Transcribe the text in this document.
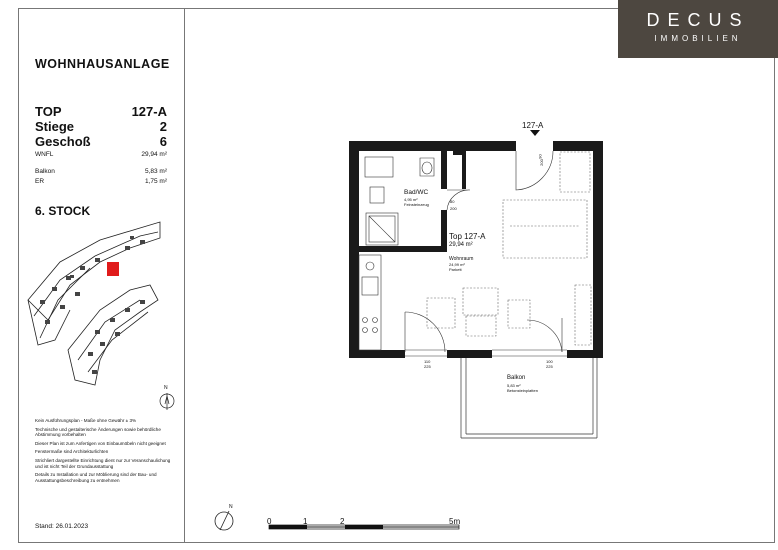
DECUS
IMMOBILIEN
WOHNHAUSANLAGE
TOP	127-A
Stiege	2
Geschoß	6
WNFL	29,94 m²
Balkon	5,83 m²
ER	1,75 m²
6. STOCK
N

Kein Ausführungsplan - Maße ohne Gewähr ± 3%

Technische und gestalterische Änderungen sowie behördliche Abstimmung vorbehalten

Dieser Plan ist zum Anfertigen von Einbaumöbeln nicht geeignet

Fenstermaße sind Architekturlichten

Strichliert dargestellte Einrichtung dient nur zur Veranschaulichung und ist nicht Teil der Grundausstattung

Details zu Installation und zur Möblierung sind der Bau- und Ausstattungsbeschreibung zu entnehmen

Stand: 26.01.2023
127-A
Bad/WC
4,95 m²
Feinsteinzeug
80
200
90
200
Top 127-A
29,94 m²
Wohnraum
24,99 m²
Parkett
110
225
100
225
Balkon
5,83 m²
Betonsteinplatten
N
0	1	2	5m
